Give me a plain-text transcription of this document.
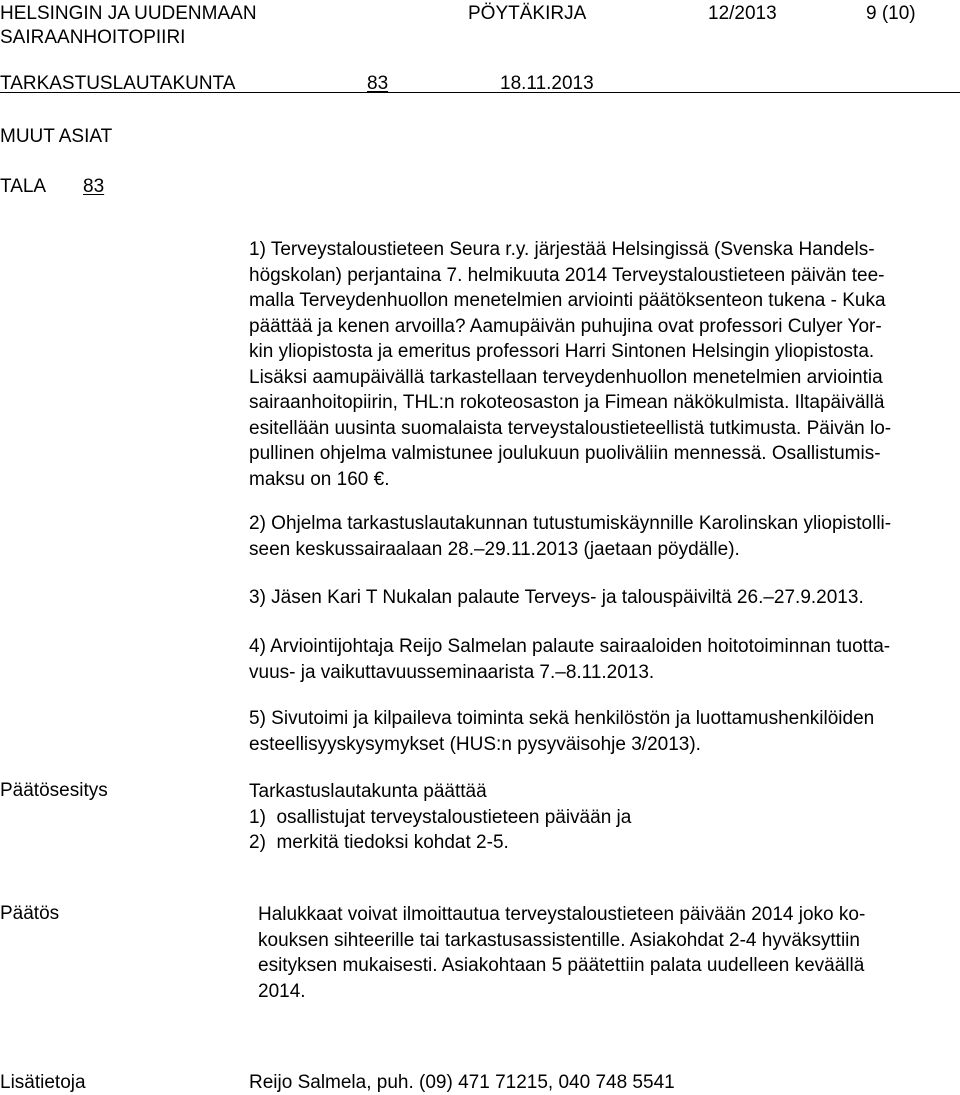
HELSINGIN JA UUDENMAAN
SAIRAANHOITOPIIRI
PÖYTÄKIRJA	12/2013	9 (10)
TARKASTUSLAUTAKUNTA	83	18.11.2013
MUUT ASIAT
TALA 83
1) Terveystaloustieteen Seura r.y. järjestää Helsingissä (Svenska Handels-
högskolan) perjantaina 7. helmikuuta 2014 Terveystaloustieteen päivän tee-
malla Terveydenhuollon menetelmien arviointi päätöksenteon tukena - Kuka
päättää ja kenen arvoilla? Aamupäivän puhujina ovat professori Culyer Yor-
kin yliopistosta ja emeritus professori Harri Sintonen Helsingin yliopistosta.
Lisäksi aamupäivällä tarkastellaan terveydenhuollon menetelmien arviointia
sairaanhoitopiirin, THL:n rokoteosaston ja Fimean näkökulmista. Iltapäivällä
esitellään uusinta suomalaista terveystaloustieteellistä tutkimusta. Päivän lo-
pullinen ohjelma valmistunee joulukuun puoliväliin mennessä. Osallistumis-
maksu on 160 €.
2) Ohjelma tarkastuslautakunnan tutustumiskäynnille Karolinskan yliopistolli-
seen keskussairaalaan 28.–29.11.2013 (jaetaan pöydälle).
3) Jäsen Kari T Nukalan palaute Terveys- ja talouspäiviltä 26.–27.9.2013.
4) Arviointijohtaja Reijo Salmelan palaute sairaaloiden hoitotoiminnan tuotta-
vuus- ja vaikuttavuusseminaarista 7.–8.11.2013.
5) Sivutoimi ja kilpaileva toiminta sekä henkilöstön ja luottamushenkilöiden
esteellisyyskysymykset (HUS:n pysyväisohje 3/2013).
Päätösesitys	Tarkastuslautakunta päättää
1)  osallistujat terveystaloustieteen päivään ja
2)  merkitä tiedoksi kohdat 2-5.
Päätös	Halukkaat voivat ilmoittautua terveystaloustieteen päivään 2014 joko ko-
kouksen sihteerille tai tarkastusassistentille. Asiakohdat 2-4 hyväksyttiin
esityksen mukaisesti. Asiakohtaan 5 päätettiin palata uudelleen keväällä
2014.
Lisätietoja	Reijo Salmela, puh. (09) 471 71215, 040 748 5541
